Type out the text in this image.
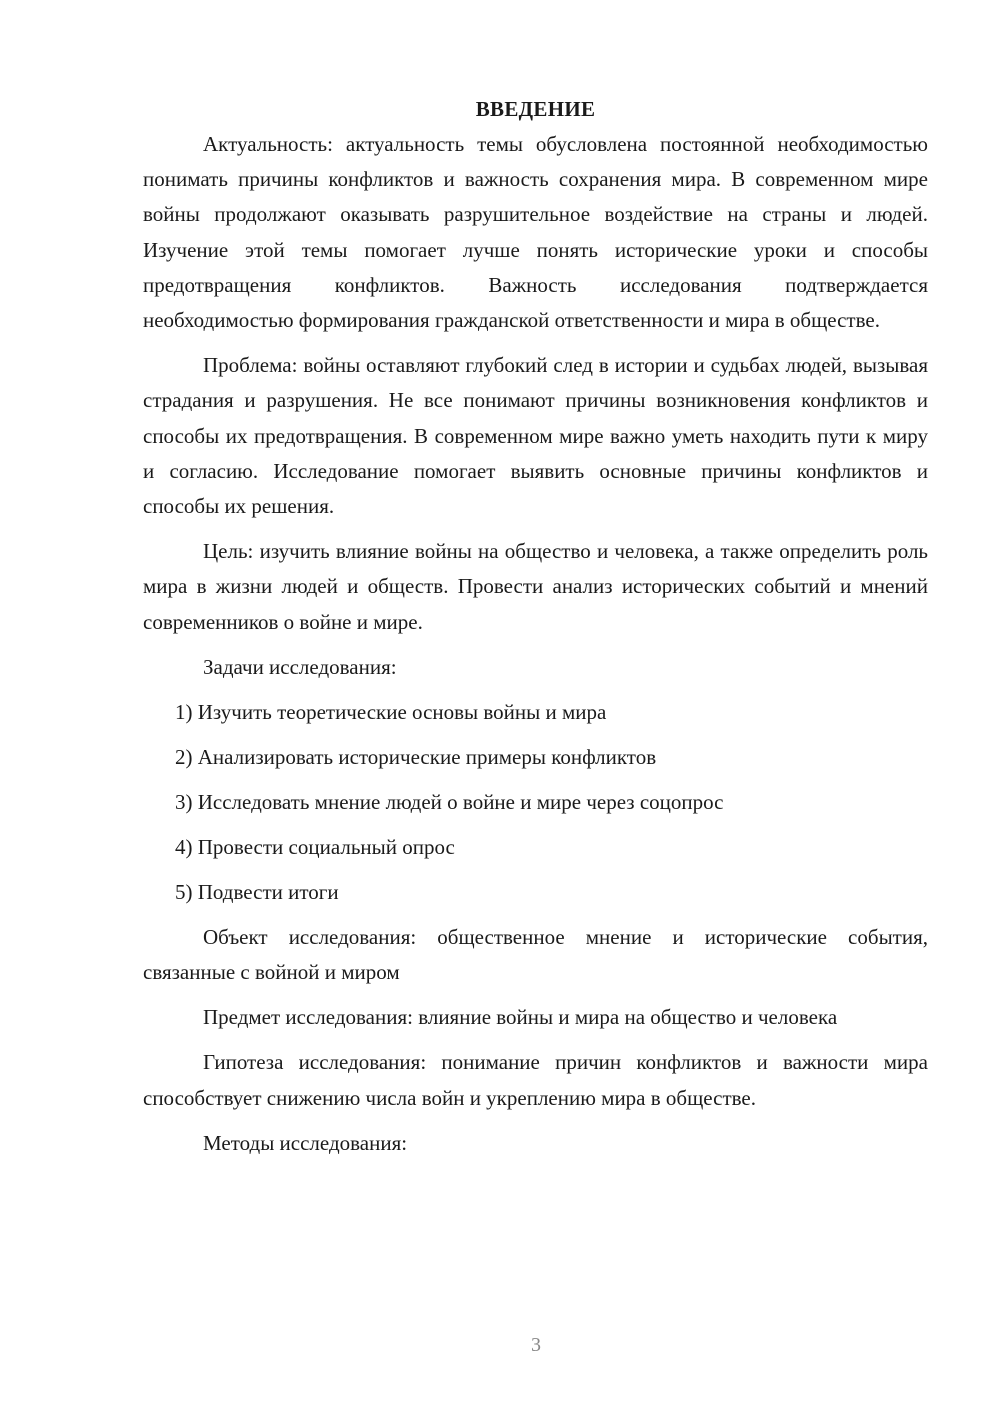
ВВЕДЕНИЕ

Актуальность: актуальность темы обусловлена постоянной необходимостью понимать причины конфликтов и важность сохранения мира. В современном мире войны продолжают оказывать разрушительное воздействие на страны и людей. Изучение этой темы помогает лучше понять исторические уроки и способы предотвращения конфликтов. Важность исследования подтверждается необходимостью формирования гражданской ответственности и мира в обществе.

Проблема: войны оставляют глубокий след в истории и судьбах людей, вызывая страдания и разрушения. Не все понимают причины возникновения конфликтов и способы их предотвращения. В современном мире важно уметь находить пути к миру и согласию. Исследование помогает выявить основные причины конфликтов и способы их решения.

Цель: изучить влияние войны на общество и человека, а также определить роль мира в жизни людей и обществ. Провести анализ исторических событий и мнений современников о войне и мире.

Задачи исследования:

1) Изучить теоретические основы войны и мира
2) Анализировать исторические примеры конфликтов
3) Исследовать мнение людей о войне и мире через соцопрос
4) Провести социальный опрос
5) Подвести итоги

Объект исследования: общественное мнение и исторические события, связанные с войной и миром

Предмет исследования: влияние войны и мира на общество и человека

Гипотеза исследования: понимание причин конфликтов и важности мира способствует снижению числа войн и укреплению мира в обществе.

Методы исследования:

3
